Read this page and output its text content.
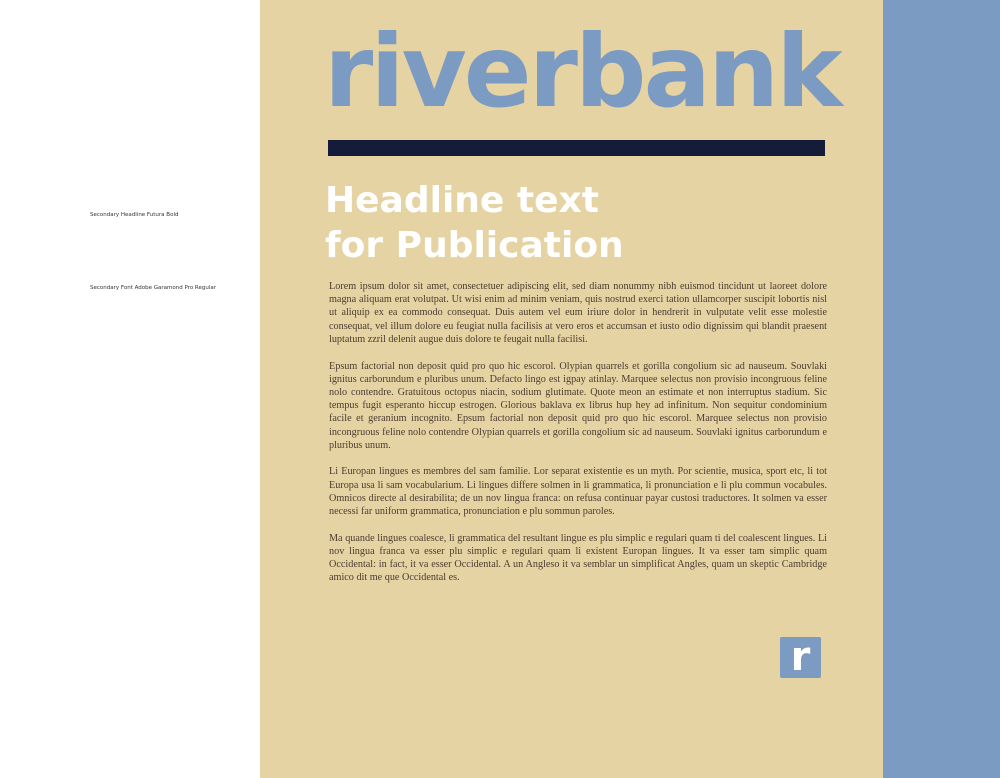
Secondary Headline Futura Bold
Secondary Font Adobe Garamond Pro Regular
riverbank
Headline text
for Publication

Lorem ipsum dolor sit amet, consectetuer adipiscing elit, sed diam nonummy nibh euismod tincidunt ut laoreet dolore magna aliquam erat volutpat. Ut wisi enim ad minim veniam, quis nostrud exerci tation ullamcorper suscipit lobortis nisl ut aliquip ex ea commodo consequat. Duis autem vel eum iriure dolor in hendrerit in vulputate velit esse molestie consequat, vel illum dolore eu feugiat nulla facilisis at vero eros et accumsan et iusto odio dignissim qui blandit praesent luptatum zzril delenit augue duis dolore te feugait nulla facilisi.

Epsum factorial non deposit quid pro quo hic escorol. Olypian quarrels et gorilla congolium sic ad nauseum. Souvlaki ignitus carborundum e pluribus unum. Defacto lingo est igpay atinlay. Marquee selectus non provisio incongruous feline nolo contendre. Gratuitous octopus niacin, sodium glutimate. Quote meon an estimate et non interruptus stadium. Sic tempus fugit esperanto hiccup estrogen. Glorious baklava ex librus hup hey ad infinitum. Non sequitur condominium facile et geranium incognito. Epsum factorial non deposit quid pro quo hic escorol. Marquee selectus non provisio incongruous feline nolo contendre Olypian quarrels et gorilla congolium sic ad nauseum. Souvlaki ignitus carborundum e pluribus unum.

Li Europan lingues es membres del sam familie. Lor separat existentie es un myth. Por scientie, musica, sport etc, li tot Europa usa li sam vocabularium. Li lingues differe solmen in li grammatica, li pronunciation e li plu commun vocabules. Omnicos directe al desirabilita; de un nov lingua franca: on refusa continuar payar custosi traductores. It solmen va esser necessi far uniform grammatica, pronunciation e plu sommun paroles.

Ma quande lingues coalesce, li grammatica del resultant lingue es plu simplic e regulari quam ti del coalescent lingues. Li nov lingua franca va esser plu simplic e regulari quam li existent Europan lingues. It va esser tam simplic quam Occidental: in fact, it va esser Occidental. A un Angleso it va semblar un simplificat Angles, quam un skeptic Cambridge amico dit me que Occidental es.

r
